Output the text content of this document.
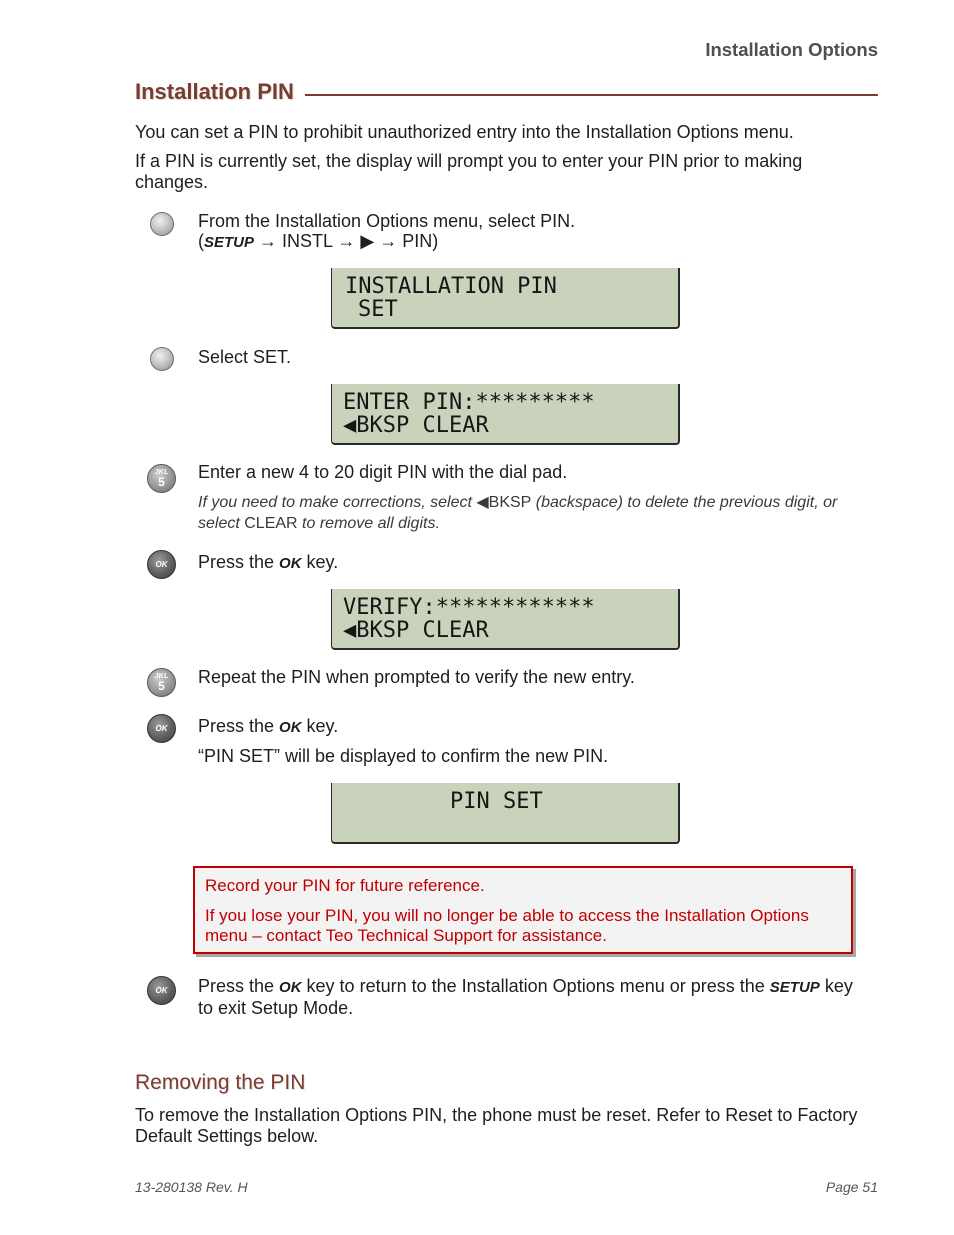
Installation Options
Installation PIN

You can set a PIN to prohibit unauthorized entry into the Installation Options menu.

If a PIN is currently set, the display will prompt you to enter your PIN prior to making changes.

From the Installation Options menu, select PIN.
(SETUP → INSTL → ▶ → PIN)
INSTALLATION PIN
SET
Select SET.
ENTER PIN:*********
◀BKSP CLEAR
JKL
5 Enter a new 4 to 20 digit PIN with the dial pad.
If you need to make corrections, select ◀BKSP (backspace) to delete the previous digit, or select CLEAR to remove all digits.
OK Press the OK key.
VERIFY:************
◀BKSP CLEAR
JKL
5 Repeat the PIN when prompted to verify the new entry.
OK Press the OK key.
“PIN SET” will be displayed to confirm the new PIN.
PIN SET

Record your PIN for future reference.

If you lose your PIN, you will no longer be able to access the Installation Options menu – contact Teo Technical Support for assistance.

OK Press the OK key to return to the Installation Options menu or press the SETUP key to exit Setup Mode.
Removing the PIN

To remove the Installation Options PIN, the phone must be reset. Refer to Reset to Factory Default Settings below.

13-280138 Rev. H	Page 51
